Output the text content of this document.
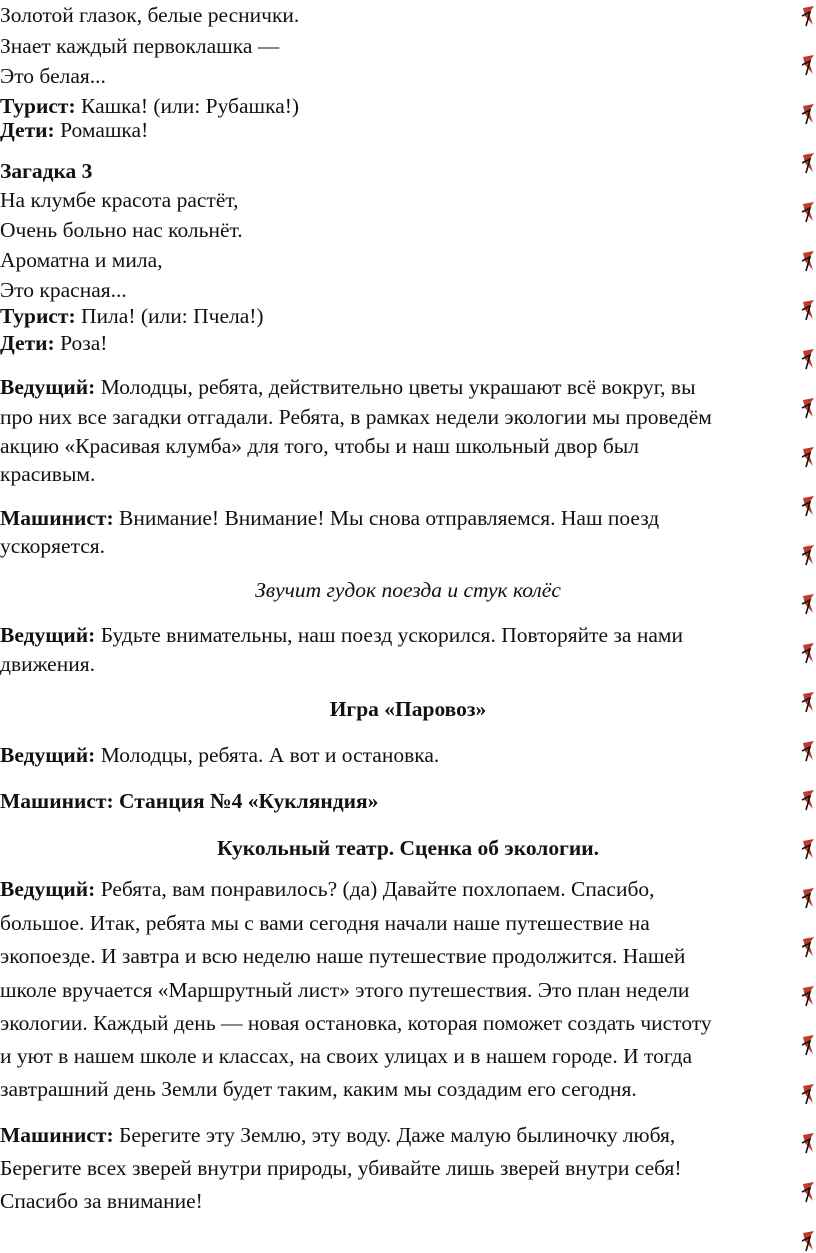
Золотой глазок, белые реснички.
Знает каждый первоклашка —
Это белая...
Турист: Кашка! (или: Рубашка!)
Дети: Ромашка!
Загадка 3
На клумбе красота растёт,
Очень больно нас кольнёт.
Ароматна и мила,
Это красная...
Турист: Пила! (или: Пчела!)
Дети: Роза!
Ведущий: Молодцы, ребята, действительно цветы украшают всё вокруг, вы
про них все загадки отгадали. Ребята, в рамках недели экологии мы проведём
акцию «Красивая клумба» для того, чтобы и наш школьный двор был
красивым.
Машинист: Внимание! Внимание! Мы снова отправляемся. Наш поезд
ускоряется.
Звучит гудок поезда и стук колёс
Ведущий: Будьте внимательны, наш поезд ускорился. Повторяйте за нами
движения.
Игра «Паровоз»
Ведущий: Молодцы, ребята. А вот и остановка.
Машинист: Станция №4 «Кукляндия»
Кукольный театр. Сценка об экологии.
Ведущий: Ребята, вам понравилось? (да) Давайте похлопаем. Спасибо,
большое. Итак, ребята мы с вами сегодня начали наше путешествие на
экопоезде. И завтра и всю неделю наше путешествие продолжится. Нашей
школе вручается «Маршрутный лист» этого путешествия. Это план недели
экологии. Каждый день — новая остановка, которая поможет создать чистоту
и уют в нашем школе и классах, на своих улицах и в нашем городе. И тогда
завтрашний день Земли будет таким, каким мы создадим его сегодня.
Машинист: Берегите эту Землю, эту воду. Даже малую былиночку любя,
Берегите всех зверей внутри природы, убивайте лишь зверей внутри себя!
Спасибо за внимание!
